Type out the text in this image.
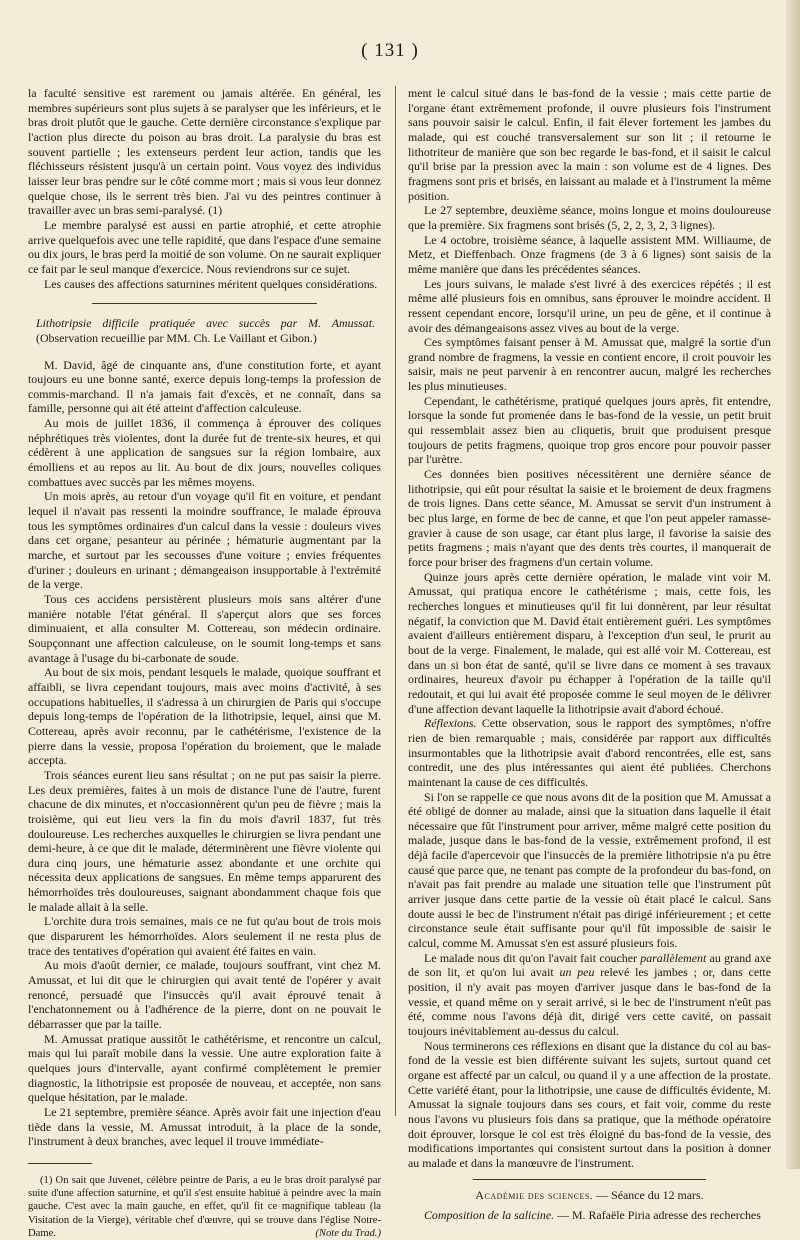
( 131 )

la faculté sensitive est rarement ou jamais altérée. En général, les membres supérieurs sont plus sujets à se paralyser que les inférieurs, et le bras droit plutôt que le gauche. Cette dernière circonstance s'explique par l'action plus directe du poison au bras droit. La paralysie du bras est souvent partielle ; les extenseurs perdent leur action, tandis que les fléchisseurs résistent jusqu'à un certain point. Vous voyez des individus laisser leur bras pendre sur le côté comme mort ; mais si vous leur donnez quelque chose, ils le serrent très bien. J'ai vu des peintres continuer à travailler avec un bras semi-paralysé. (1)

Le membre paralysé est aussi en partie atrophié, et cette atrophie arrive quelquefois avec une telle rapidité, que dans l'espace d'une semaine ou dix jours, le bras perd la moitié de son volume. On ne saurait expliquer ce fait par le seul manque d'exercice. Nous reviendrons sur ce sujet.

Les causes des affections saturnines méritent quelques considérations.

Lithotripsie difficile pratiquée avec succès par M. Amussat. (Observation recueillie par MM. Ch. Le Vaillant et Gibon.)

M. David, âgé de cinquante ans, d'une constitution forte, et ayant toujours eu une bonne santé, exerce depuis long-temps la profession de commis-marchand. Il n'a jamais fait d'excès, et ne connaît, dans sa famille, personne qui ait été atteint d'affection calculeuse.

Au mois de juillet 1836, il commença à éprouver des coliques néphrétiques très violentes, dont la durée fut de trente-six heures, et qui cédèrent à une application de sangsues sur la région lombaire, aux émolliens et au repos au lit. Au bout de dix jours, nouvelles coliques combattues avec succès par les mêmes moyens.

Un mois après, au retour d'un voyage qu'il fit en voiture, et pendant lequel il n'avait pas ressenti la moindre souffrance, le malade éprouva tous les symptômes ordinaires d'un calcul dans la vessie : douleurs vives dans cet organe, pesanteur au périnée ; hématurie augmentant par la marche, et surtout par les secousses d'une voiture ; envies fréquentes d'uriner ; douleurs en urinant ; démangeaison insupportable à l'extrémité de la verge.

Tous ces accidens persistèrent plusieurs mois sans altérer d'une manière notable l'état général. Il s'aperçut alors que ses forces diminuaient, et alla consulter M. Cottereau, son médecin ordinaire. Soupçonnant une affection calculeuse, on le soumit long-temps et sans avantage à l'usage du bi-carbonate de soude.

Au bout de six mois, pendant lesquels le malade, quoique souffrant et affaibli, se livra cependant toujours, mais avec moins d'activité, à ses occupations habituelles, il s'adressa à un chirurgien de Paris qui s'occupe depuis long-temps de l'opération de la lithotripsie, lequel, ainsi que M. Cottereau, après avoir reconnu, par le cathétérisme, l'existence de la pierre dans la vessie, proposa l'opération du broiement, que le malade accepta.

Trois séances eurent lieu sans résultat ; on ne put pas saisir la pierre. Les deux premières, faites à un mois de distance l'une de l'autre, furent chacune de dix minutes, et n'occasionnèrent qu'un peu de fièvre ; mais la troisième, qui eut lieu vers la fin du mois d'avril 1837, fut très douloureuse. Les recherches auxquelles le chirurgien se livra pendant une demi-heure, à ce que dit le malade, déterminèrent une fièvre violente qui dura cinq jours, une hématurie assez abondante et une orchite qui nécessita deux applications de sangsues. En même temps apparurent des hémorrhoïdes très douloureuses, saignant abondamment chaque fois que le malade allait à la selle.

L'orchite dura trois semaines, mais ce ne fut qu'au bout de trois mois que disparurent les hémorrhoïdes. Alors seulement il ne resta plus de trace des tentatives d'opération qui avaient été faites en vain.

Au mois d'août dernier, ce malade, toujours souffrant, vint chez M. Amussat, et lui dit que le chirurgien qui avait tenté de l'opérer y avait renoncé, persuadé que l'insuccès qu'il avait éprouvé tenait à l'enchatonnement ou à l'adhérence de la pierre, dont on ne pouvait le débarrasser que par la taille.

M. Amussat pratique aussitôt le cathétérisme, et rencontre un calcul, mais qui lui paraît mobile dans la vessie. Une autre exploration faite à quelques jours d'intervalle, ayant confirmé complètement le premier diagnostic, la lithotripsie est proposée de nouveau, et acceptée, non sans quelque hésitation, par le malade.

Le 21 septembre, première séance. Après avoir fait une injection d'eau tiède dans la vessie, M. Amussat introduit, à la place de la sonde, l'instrument à deux branches, avec lequel il trouve immédiate-

(1) On sait que Juvenet, célèbre peintre de Paris, a eu le bras droit paralysé par suite d'une affection saturnine, et qu'il s'est ensuite habitué à peindre avec la main gauche. C'est avec la main gauche, en effet, qu'il fit ce magnifique tableau (la Visitation de la Vierge), véritable chef d'œuvre, qui se trouve dans l'église Notre-Dame.	(Note du Trad.)

ment le calcul situé dans le bas-fond de la vessie ; mais cette partie de l'organe étant extrêmement profonde, il ouvre plusieurs fois l'instrument sans pouvoir saisir le calcul. Enfin, il fait élever fortement les jambes du malade, qui est couché transversalement sur son lit ; il retourne le lithotriteur de manière que son bec regarde le bas-fond, et il saisit le calcul qu'il brise par la pression avec la main : son volume est de 4 lignes. Des fragmens sont pris et brisés, en laissant au malade et à l'instrument la même position.

Le 27 septembre, deuxième séance, moins longue et moins douloureuse que la première. Six fragmens sont brisés (5, 2, 2, 3, 2, 3 lignes).

Le 4 octobre, troisième séance, à laquelle assistent MM. Williaume, de Metz, et Dieffenbach. Onze fragmens (de 3 à 6 lignes) sont saisis de la même manière que dans les précédentes séances.

Les jours suivans, le malade s'est livré à des exercices répétés ; il est même allé plusieurs fois en omnibus, sans éprouver le moindre accident. Il ressent cependant encore, lorsqu'il urine, un peu de gêne, et il continue à avoir des démangeaisons assez vives au bout de la verge.

Ces symptômes faisant penser à M. Amussat que, malgré la sortie d'un grand nombre de fragmens, la vessie en contient encore, il croit pouvoir les saisir, mais ne peut parvenir à en rencontrer aucun, malgré les recherches les plus minutieuses.

Cependant, le cathétérisme, pratiqué quelques jours après, fit entendre, lorsque la sonde fut promenée dans le bas-fond de la vessie, un petit bruit qui ressemblait assez bien au cliquetis, bruit que produisent presque toujours de petits fragmens, quoique trop gros encore pour pouvoir passer par l'urètre.

Ces données bien positives nécessitèrent une dernière séance de lithotripsie, qui eût pour résultat la saisie et le broiement de deux fragmens de trois lignes. Dans cette séance, M. Amussat se servit d'un instrument à bec plus large, en forme de bec de canne, et que l'on peut appeler ramasse-gravier à cause de son usage, car étant plus large, il favorise la saisie des petits fragmens ; mais n'ayant que des dents très courtes, il manquerait de force pour briser des fragmens d'un certain volume.

Quinze jours après cette dernière opération, le malade vint voir M. Amussat, qui pratiqua encore le cathétérisme ; mais, cette fois, les recherches longues et minutieuses qu'il fit lui donnèrent, par leur résultat négatif, la conviction que M. David était entièrement guéri. Les symptômes avaient d'ailleurs entièrement disparu, à l'exception d'un seul, le prurit au bout de la verge. Finalement, le malade, qui est allé voir M. Cottereau, est dans un si bon état de santé, qu'il se livre dans ce moment à ses travaux ordinaires, heureux d'avoir pu échapper à l'opération de la taille qu'il redoutait, et qui lui avait été proposée comme le seul moyen de le délivrer d'une affection devant laquelle la lithotripsie avait d'abord échoué.

Réflexions. Cette observation, sous le rapport des symptômes, n'offre rien de bien remarquable ; mais, considérée par rapport aux difficultés insurmontables que la lithotripsie avait d'abord rencontrées, elle est, sans contredit, une des plus intéressantes qui aient été publiées. Cherchons maintenant la cause de ces difficultés.

Si l'on se rappelle ce que nous avons dit de la position que M. Amussat a été obligé de donner au malade, ainsi que la situation dans laquelle il était nécessaire que fût l'instrument pour arriver, même malgré cette position du malade, jusque dans le bas-fond de la vessie, extrêmement profond, il est déjà facile d'apercevoir que l'insuccès de la première lithotripsie n'a pu être causé que parce que, ne tenant pas compte de la profondeur du bas-fond, on n'avait pas fait prendre au malade une situation telle que l'instrument pût arriver jusque dans cette partie de la vessie où était placé le calcul. Sans doute aussi le bec de l'instrument n'était pas dirigé inférieurement ; et cette circonstance seule était suffisante pour qu'il fût impossible de saisir le calcul, comme M. Amussat s'en est assuré plusieurs fois.

Le malade nous dit qu'on l'avait fait coucher parallèlement au grand axe de son lit, et qu'on lui avait un peu relevé les jambes ; or, dans cette position, il n'y avait pas moyen d'arriver jusque dans le bas-fond de la vessie, et quand même on y serait arrivé, si le bec de l'instrument n'eût pas été, comme nous l'avons déjà dit, dirigé vers cette cavité, on passait toujours inévitablement au-dessus du calcul.

Nous terminerons ces réflexions en disant que la distance du col au bas-fond de la vessie est bien différente suivant les sujets, surtout quand cet organe est affecté par un calcul, ou quand il y a une affection de la prostate. Cette variété étant, pour la lithotripsie, une cause de difficultés évidente, M. Amussat la signale toujours dans ses cours, et fait voir, comme du reste nous l'avons vu plusieurs fois dans sa pratique, que la méthode opératoire doit éprouver, lorsque le col est très éloigné du bas-fond de la vessie, des modifications importantes qui consistent surtout dans la position à donner au malade et dans la manœuvre de l'instrument.

Académie des sciences. — Séance du 12 mars.

Composition de la salicine. — M. Rafaële Piria adresse des recherches
